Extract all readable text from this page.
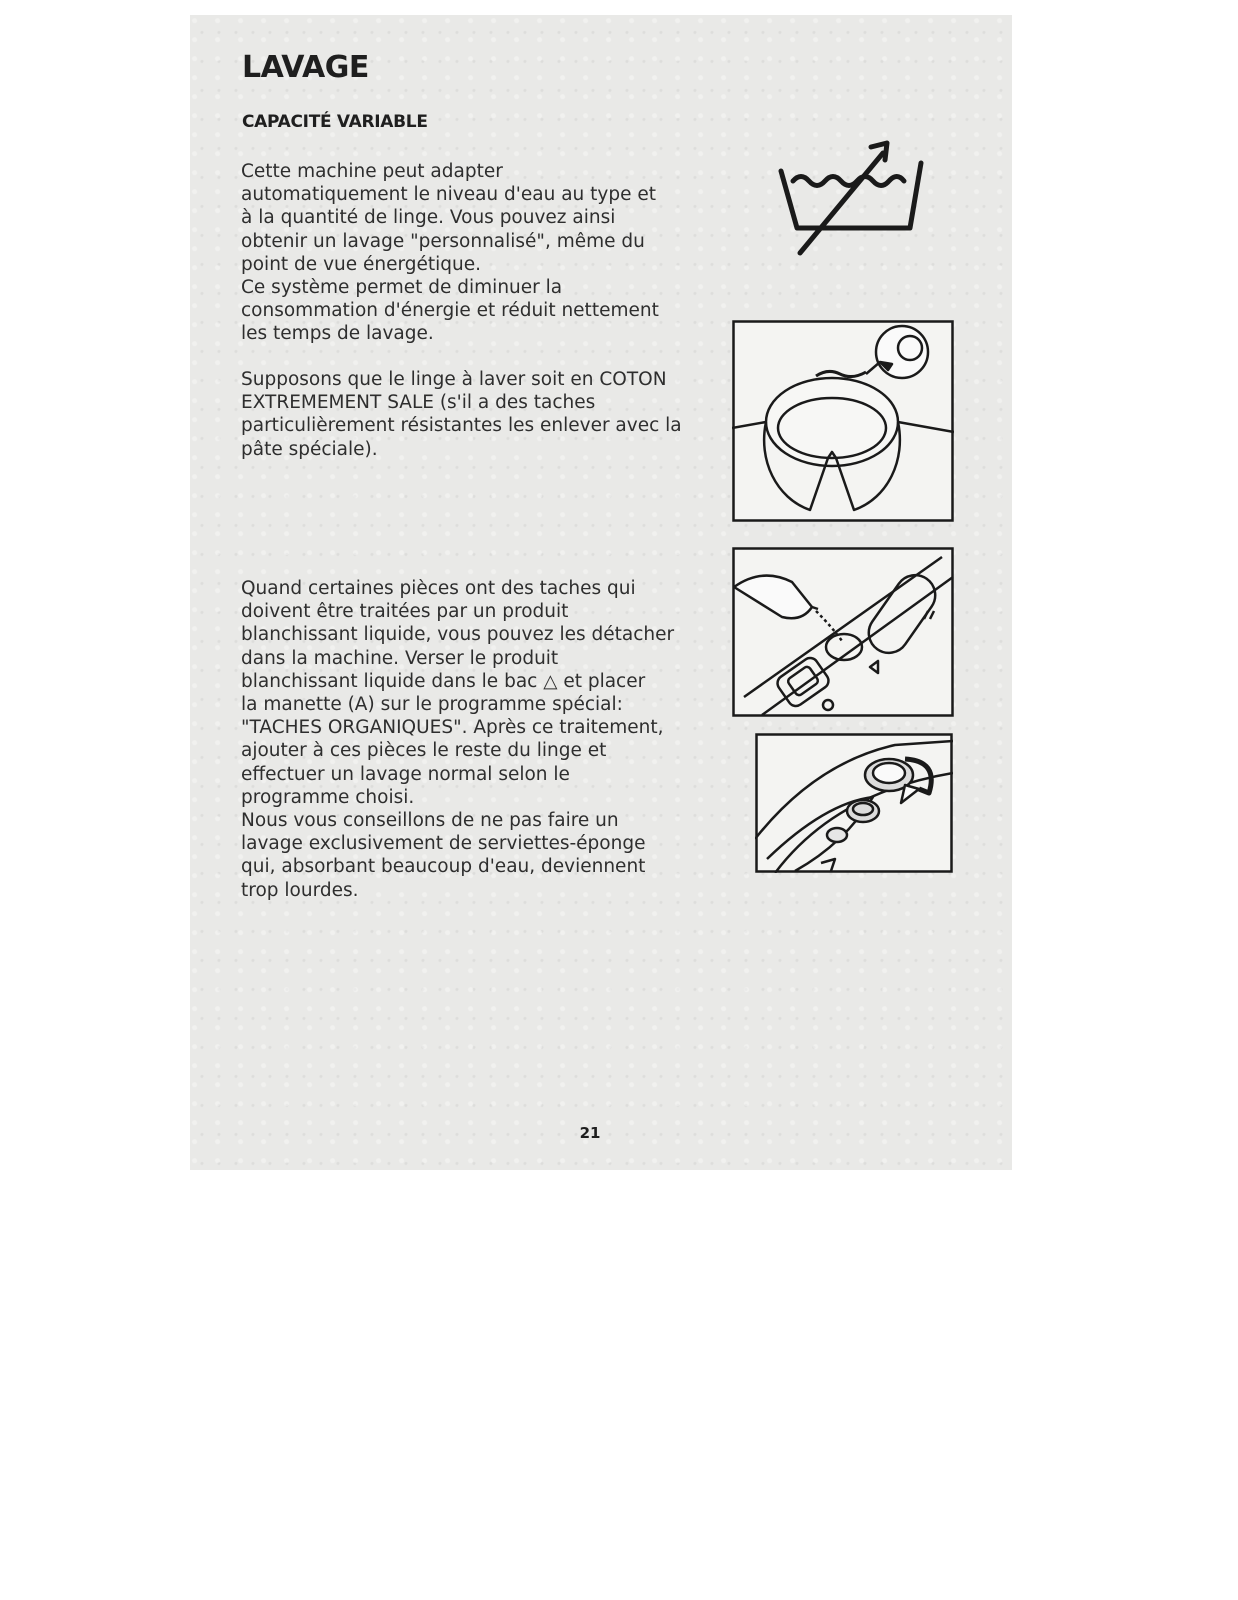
LAVAGE
CAPACITÉ VARIABLE

Cette machine peut adapter
automatiquement le niveau d'eau au type et
à la quantité de linge. Vous pouvez ainsi
obtenir un lavage "personnalisé", même du
point de vue énergétique.
Ce système permet de diminuer la
consommation d'énergie et réduit nettement
les temps de lavage.

Supposons que le linge à laver soit en COTON
EXTREMEMENT SALE (s'il a des taches
particulièrement résistantes les enlever avec la
pâte spéciale).

Quand certaines pièces ont des taches qui
doivent être traitées par un produit
blanchissant liquide, vous pouvez les détacher
dans la machine. Verser le produit
blanchissant liquide dans le bac △ et placer
la manette (A) sur le programme spécial:
"TACHES ORGANIQUES". Après ce traitement,
ajouter à ces pièces le reste du linge et
effectuer un lavage normal selon le
programme choisi.
Nous vous conseillons de ne pas faire un
lavage exclusivement de serviettes-éponge
qui, absorbant beaucoup d'eau, deviennent
trop lourdes.

21
